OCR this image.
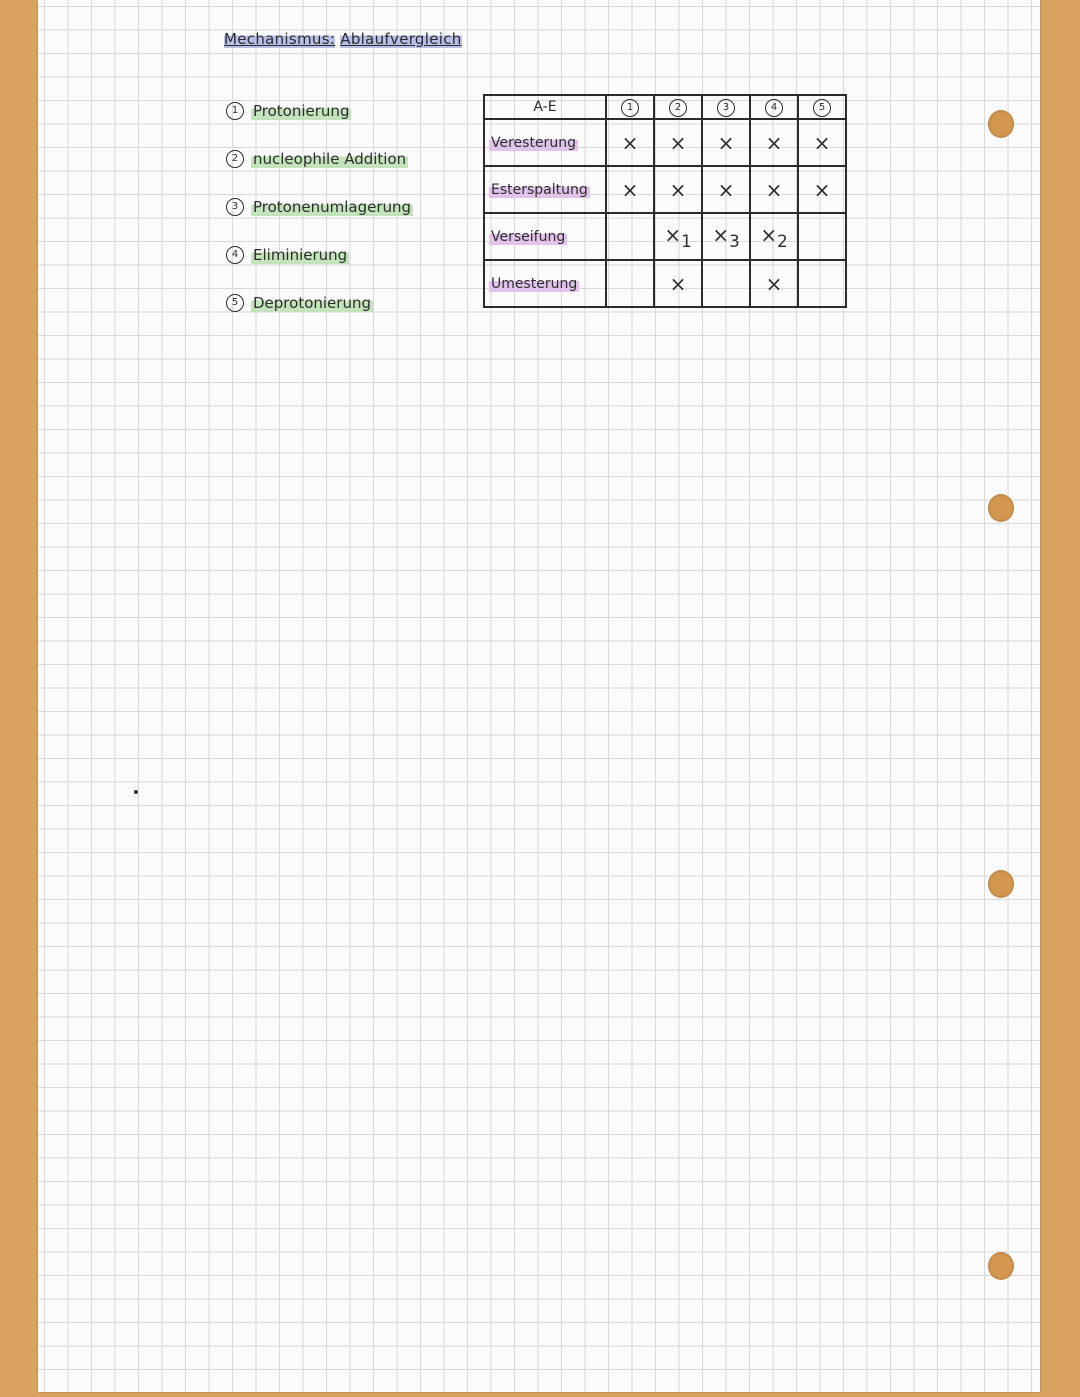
Mechanismus: Ablaufvergleich
1 Protonierung
2 nucleophile Addition
3 Protonenumlagerung
4 Eliminierung
5 Deprotonierung
A-E	1	2	3	4	5
Veresterung	×	×	×	×	×
Esterspaltung	×	×	×	×	×
Verseifung		$\times_1$	$\times_3$	$\times_2$	
Umesterung		×		×	
